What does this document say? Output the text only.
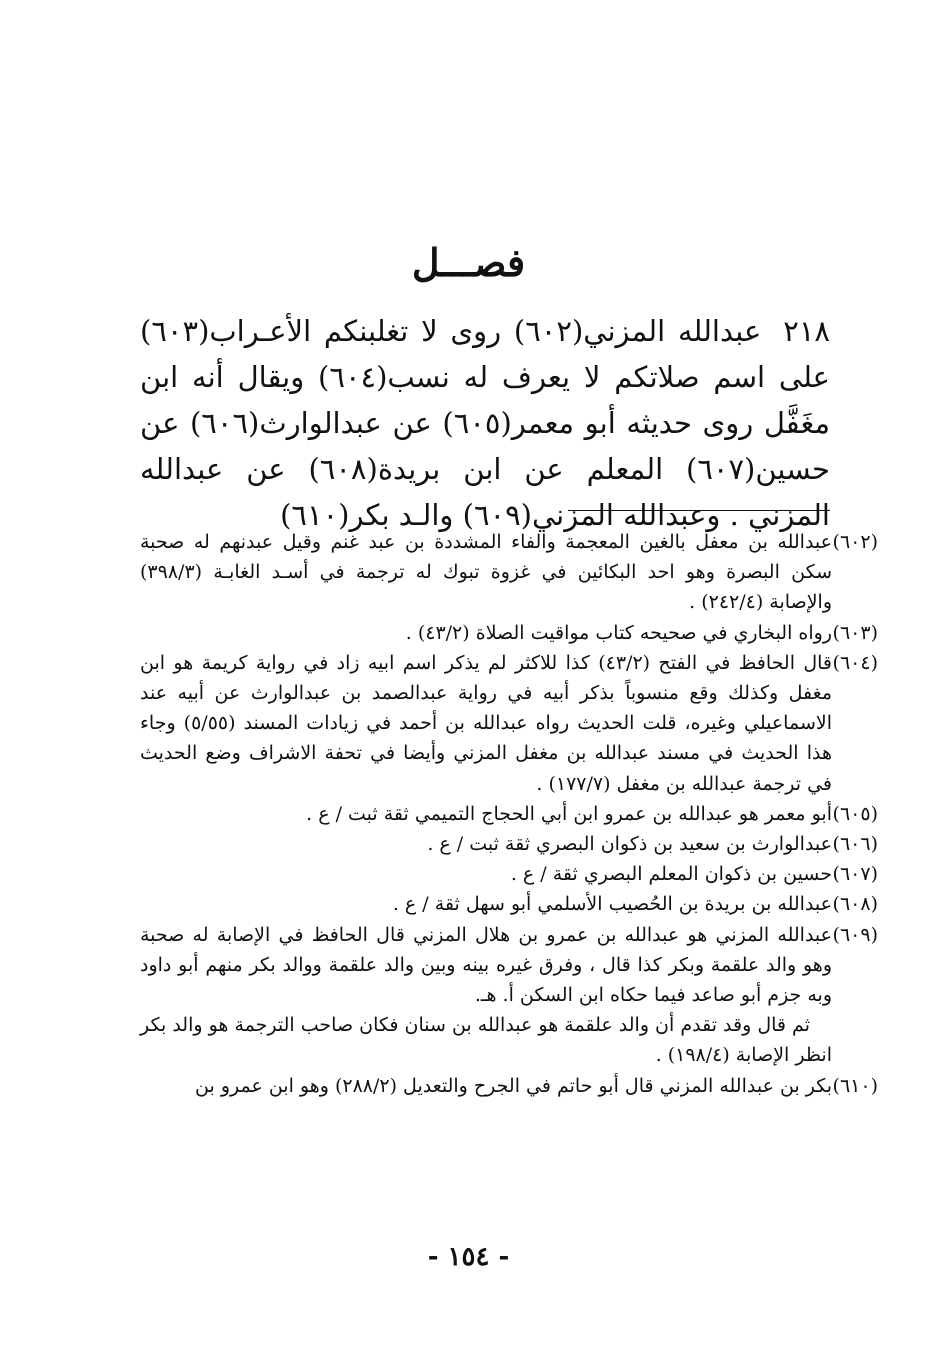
فصـــل

٢١٨عبدالله المزني(٦٠٢) روى لا تغلبنكم الأعـراب(٦٠٣) على اسم صلاتكم لا يعرف له نسب(٦٠٤) ويقال أنه ابن مغَفَّل روى حديثه أبو معمر(٦٠٥) عن عبدالوارث(٦٠٦) عن حسين(٦٠٧) المعلم عن ابن بريدة(٦٠٨) عن عبدالله المزني . وعبدالله المزني(٦٠٩) والـد بكر(٦١٠)

(٦٠٢)عبدالله بن معفل بالغين المعجمة والفاء المشددة بن عبد غنم وقيل عبدنهم له صحبة سكن البصرة وهو احد البكائين في غزوة تبوك له ترجمة في أسـد الغابـة (٣٩٨/٣) والإصابة (٢٤٢/٤) .
(٦٠٣)رواه البخاري في صحيحه كتاب مواقيت الصلاة (٤٣/٢) .
(٦٠٤)قال الحافظ في الفتح (٤٣/٢) كذا للاكثر لم يذكر اسم ابيه زاد في رواية كريمة هو ابن مغفل وكذلك وقع منسوباً بذكر أبيه في رواية عبدالصمد بن عبدالوارث عن أبيه عند الاسماعيلي وغيره، قلت الحديث رواه عبدالله بن أحمد في زيادات المسند (٥/٥٥) وجاء هذا الحديث في مسند عبدالله بن مغفل المزني وأيضا في تحفة الاشراف وضع الحديث في ترجمة عبدالله بن مغفل (١٧٧/٧) .
(٦٠٥)أبو معمر هو عبدالله بن عمرو ابن أبي الحجاج التميمي ثقة ثبت / ع .
(٦٠٦)عبدالوارث بن سعيد بن ذكوان البصري ثقة ثبت / ع .
(٦٠٧)حسين بن ذكوان المعلم البصري ثقة / ع .
(٦٠٨)عبدالله بن بريدة بن الحُصيب الأسلمي أبو سهل ثقة / ع .
(٦٠٩)عبدالله المزني هو عبدالله بن عمرو بن هلال المزني قال الحافظ في الإصابة له صحبة وهو والد علقمة وبكر كذا قال ، وفرق غيره بينه وبين والد علقمة ووالد بكر منهم أبو داود وبه جزم أبو صاعد فيما حكاه ابن السكن أ. هـ.
ثم قال وقد تقدم أن والد علقمة هو عبدالله بن سنان فكان صاحب الترجمة هو والد بكر انظر الإصابة (١٩٨/٤) .
(٦١٠)بكر بن عبدالله المزني قال أبو حاتم في الجرح والتعديل (٢٨٨/٢) وهو ابن عمرو بن
- ١٥٤ -
